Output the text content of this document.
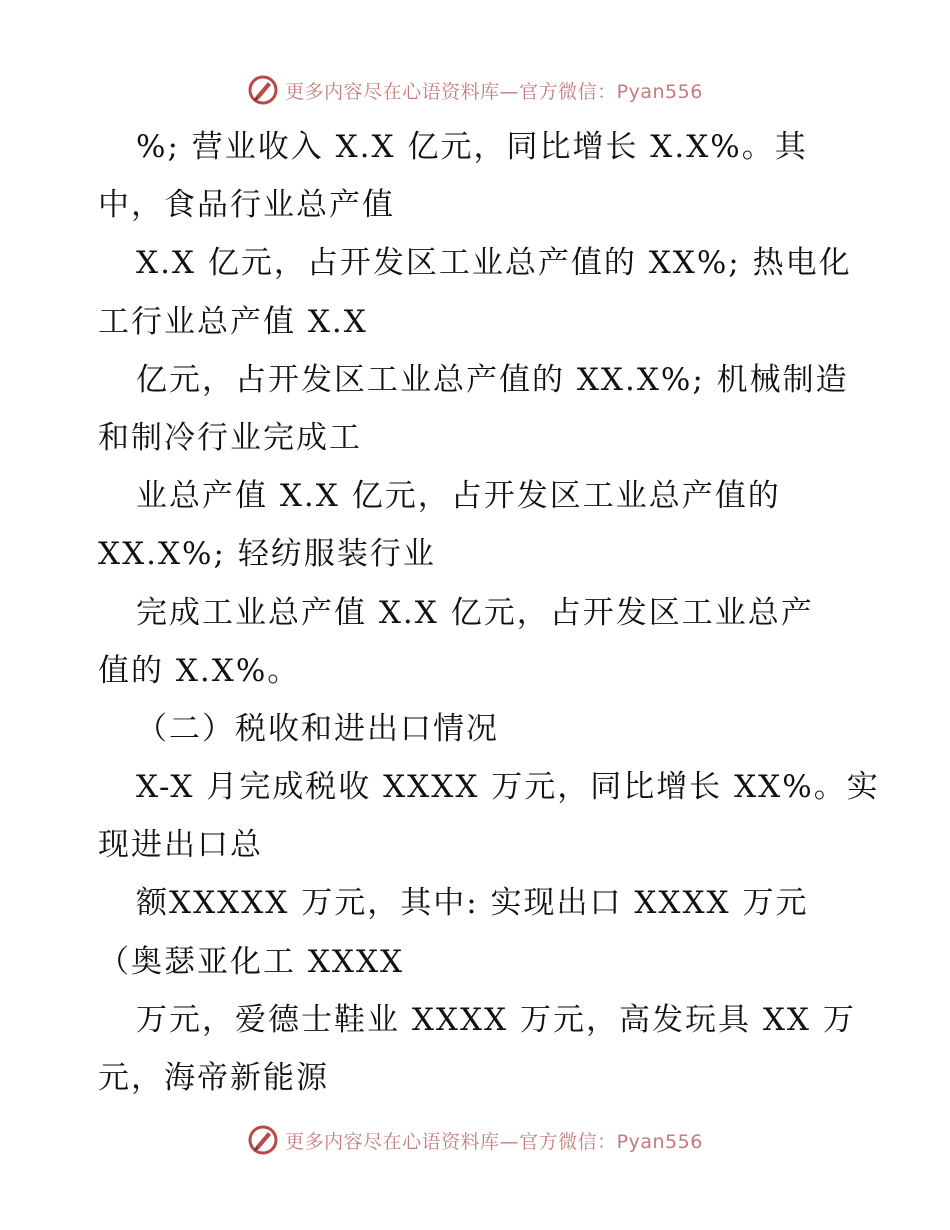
更多内容尽在心语资料库—官方微信：Pyan556
%; 营业收入 X.X 亿元，同比增长 X.X%。其
中，食品行业总产值
X.X 亿元，占开发区工业总产值的 XX%; 热电化
工行业总产值 X.X
亿元，占开发区工业总产值的 XX.X%; 机械制造
和制冷行业完成工
业总产值 X.X 亿元，占开发区工业总产值的
XX.X%; 轻纺服装行业
完成工业总产值 X.X 亿元，占开发区工业总产
值的 X.X%。
（二）税收和进出口情况
X-X 月完成税收 XXXX 万元，同比增长 XX%。实
现进出口总
额XXXXX 万元，其中: 实现出口 XXXX 万元
（奥瑟亚化工 XXXX
万元，爱德士鞋业 XXXX 万元，高发玩具 XX 万
元，海帝新能源
更多内容尽在心语资料库—官方微信：Pyan556
